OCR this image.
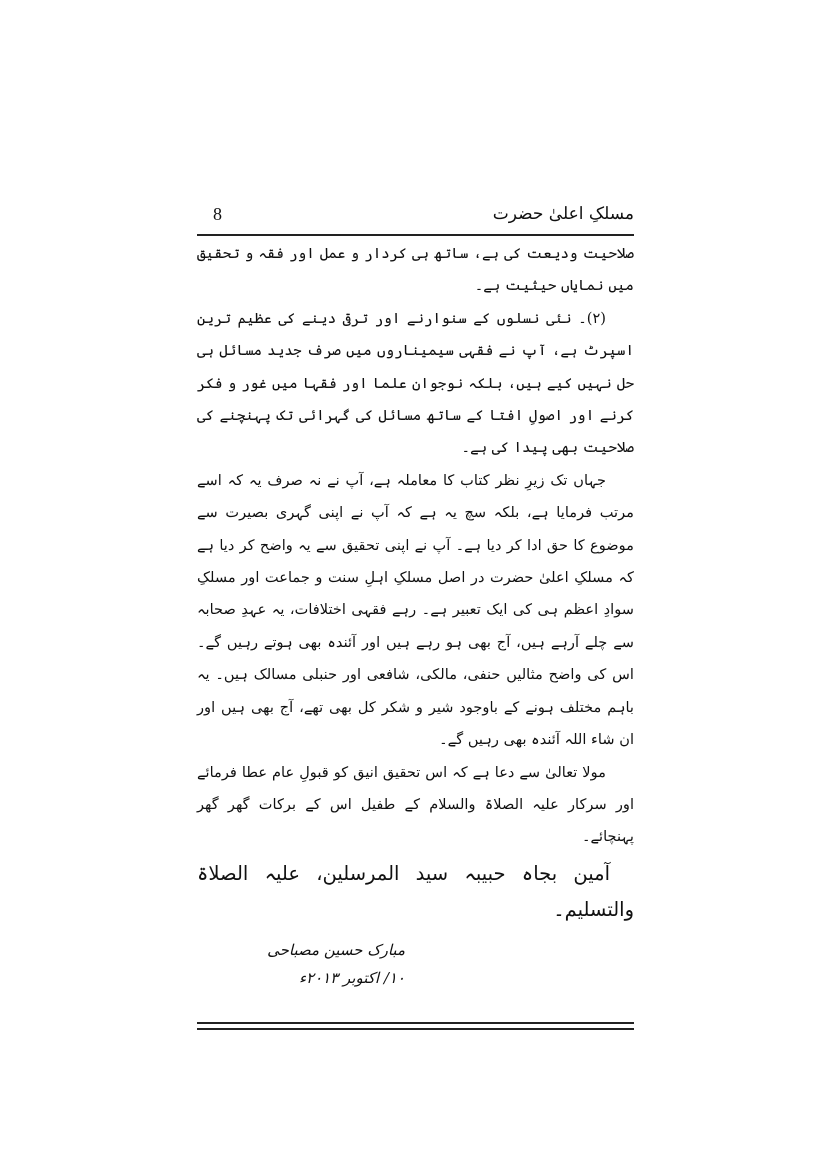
مسلکِ اعلیٰ حضرت
8

صلاحیت ودیعت کی ہے، ساتھ ہی کردار و عمل اور فقہ و تحقیق میں نمایاں حیثیت ہے۔

(۲)۔ نئی نسلوں کے سنوارنے اور ترقی دینے کی عظیم ترین اسپرٹ ہے، آپ نے فقہی سیمیناروں میں صرف جدید مسائل ہی حل نہیں کیے ہیں، بلکہ نوجوان علما اور فقہا میں غور و فکر کرنے اور اصولِ افتا کے ساتھ مسائل کی گہرائی تک پہنچنے کی صلاحیت بھی پیدا کی ہے۔

جہاں تک زیرِ نظر کتاب کا معاملہ ہے، آپ نے نہ صرف یہ کہ اسے مرتب فرمایا ہے، بلکہ سچ یہ ہے کہ آپ نے اپنی گہری بصیرت سے موضوع کا حق ادا کر دیا ہے۔ آپ نے اپنی تحقیق سے یہ واضح کر دیا ہے کہ مسلکِ اعلیٰ حضرت در اصل مسلکِ اہلِ سنت و جماعت اور مسلکِ سوادِ اعظم ہی کی ایک تعبیر ہے۔ رہے فقہی اختلافات، یہ عہدِ صحابہ سے چلے آرہے ہیں، آج بھی ہو رہے ہیں اور آئندہ بھی ہوتے رہیں گے۔ اس کی واضح مثالیں حنفی، مالکی، شافعی اور حنبلی مسالک ہیں۔ یہ باہم مختلف ہونے کے باوجود شیر و شکر کل بھی تھے، آج بھی ہیں اور ان شاء اللہ آئندہ بھی رہیں گے۔

مولا تعالیٰ سے دعا ہے کہ اس تحقیق انیق کو قبولِ عام عطا فرمائے اور سرکار علیہ الصلاۃ والسلام کے طفیل اس کے برکات گھر گھر پہنچائے۔

آمین بجاہ حبیبہ سید المرسلین، علیہ الصلاۃ والتسلیم۔

مبارک حسین مصباحی
۱۰/ اکتوبر ۲۰۱۳ء
